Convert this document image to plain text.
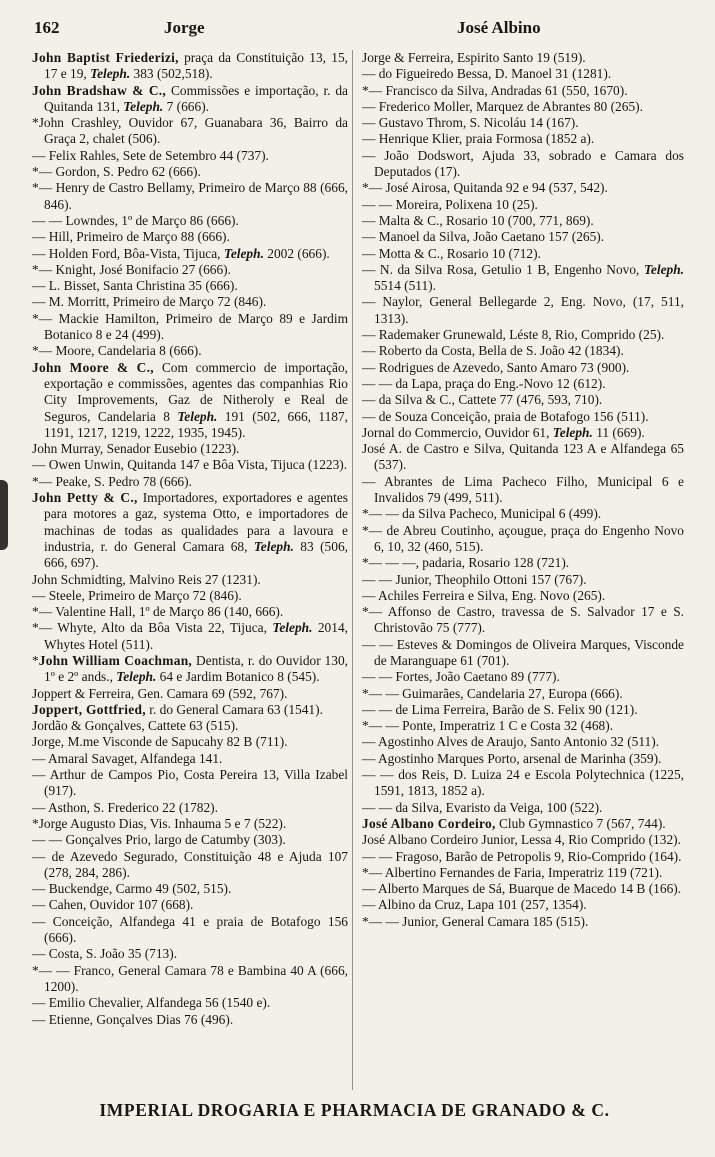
162	Jorge	José Albino

John Baptist Friederizi, praça da Constituição 13, 15, 17 e 19, Teleph. 383 (502,518).

John Bradshaw & C., Commissões e importação, r. da Quitanda 131, Teleph. 7 (666).

*John Crashley, Ouvidor 67, Guanabara 36, Bairro da Graça 2, chalet (506).

— Felix Rahles, Sete de Setembro 44 (737).

*— Gordon, S. Pedro 62 (666).

*— Henry de Castro Bellamy, Primeiro de Março 88 (666, 846).

— — Lowndes, 1º de Março 86 (666).

— Hill, Primeiro de Março 88 (666).

— Holden Ford, Bôa-Vista, Tijuca, Teleph. 2002 (666).

*— Knight, José Bonifacio 27 (666).

— L. Bisset, Santa Christina 35 (666).

— M. Morritt, Primeiro de Março 72 (846).

*— Mackie Hamilton, Primeiro de Março 89 e Jardim Botanico 8 e 24 (499).

*— Moore, Candelaria 8 (666).

John Moore & C., Com commercio de importação, exportação e commissões, agentes das companhias Rio City Improvements, Gaz de Nitheroly e Real de Seguros, Candelaria 8 Teleph. 191 (502, 666, 1187, 1191, 1217, 1219, 1222, 1935, 1945).

John Murray, Senador Eusebio (1223).

— Owen Unwin, Quitanda 147 e Bôa Vista, Tijuca (1223).

*— Peake, S. Pedro 78 (666).

John Petty & C., Importadores, exportadores e agentes para motores a gaz, systema Otto, e importadores de machinas de todas as qualidades para a lavoura e industria, r. do General Camara 68, Teleph. 83 (506, 666, 697).

John Schmidting, Malvino Reis 27 (1231).

— Steele, Primeiro de Março 72 (846).

*— Valentine Hall, 1º de Março 86 (140, 666).

*— Whyte, Alto da Bôa Vista 22, Tijuca, Teleph. 2014, Whytes Hotel (511).

*John William Coachman, Dentista, r. do Ouvidor 130, 1º e 2º ands., Teleph. 64 e Jardim Botanico 8 (545).

Joppert & Ferreira, Gen. Camara 69 (592, 767).

Joppert, Gottfried, r. do General Camara 63 (1541).

Jordão & Gonçalves, Cattete 63 (515).

Jorge, M.me Visconde de Sapucahy 82 B (711).

— Amaral Savaget, Alfandega 141.

— Arthur de Campos Pio, Costa Pereira 13, Villa Izabel (917).

— Asthon, S. Frederico 22 (1782).

*Jorge Augusto Dias, Vis. Inhauma 5 e 7 (522).

— — Gonçalves Prio, largo de Catumby (303).

— de Azevedo Segurado, Constituição 48 e Ajuda 107 (278, 284, 286).

— Buckendge, Carmo 49 (502, 515).

— Cahen, Ouvidor 107 (668).

— Conceição, Alfandega 41 e praia de Botafogo 156 (666).

— Costa, S. João 35 (713).

*— — Franco, General Camara 78 e Bambina 40 A (666, 1200).

— Emilio Chevalier, Alfandega 56 (1540 e).

— Etienne, Gonçalves Dias 76 (496).

Jorge & Ferreira, Espirito Santo 19 (519).

— do Figueiredo Bessa, D. Manoel 31 (1281).

*— Francisco da Silva, Andradas 61 (550, 1670).

— Frederico Moller, Marquez de Abrantes 80 (265).

— Gustavo Throm, S. Nicoláu 14 (167).

— Henrique Klier, praia Formosa (1852 a).

— João Dodswort, Ajuda 33, sobrado e Camara dos Deputados (17).

*— José Airosa, Quitanda 92 e 94 (537, 542).

— — Moreira, Polixena 10 (25).

— Malta & C., Rosario 10 (700, 771, 869).

— Manoel da Silva, João Caetano 157 (265).

— Motta & C., Rosario 10 (712).

— N. da Silva Rosa, Getulio 1 B, Engenho Novo, Teleph. 5514 (511).

— Naylor, General Bellegarde 2, Eng. Novo, (17, 511, 1313).

— Rademaker Grunewald, Léste 8, Rio, Comprido (25).

— Roberto da Costa, Bella de S. João 42 (1834).

— Rodrigues de Azevedo, Santo Amaro 73 (900).

— — da Lapa, praça do Eng.-Novo 12 (612).

— da Silva & C., Cattete 77 (476, 593, 710).

— de Souza Conceição, praia de Botafogo 156 (511).

Jornal do Commercio, Ouvidor 61, Teleph. 11 (669).

José A. de Castro e Silva, Quitanda 123 A e Alfandega 65 (537).

— Abrantes de Lima Pacheco Filho, Municipal 6 e Invalidos 79 (499, 511).

*— — da Silva Pacheco, Municipal 6 (499).

*— de Abreu Coutinho, açougue, praça do Engenho Novo 6, 10, 32 (460, 515).

*— — —, padaria, Rosario 128 (721).

— — Junior, Theophilo Ottoni 157 (767).

— Achiles Ferreira e Silva, Eng. Novo (265).

*— Affonso de Castro, travessa de S. Salvador 17 e S. Christovão 75 (777).

— — Esteves & Domingos de Oliveira Marques, Visconde de Maranguape 61 (701).

— — Fortes, João Caetano 89 (777).

*— — Guimarães, Candelaria 27, Europa (666).

— — de Lima Ferreira, Barão de S. Felix 90 (121).

*— — Ponte, Imperatriz 1 C e Costa 32 (468).

— Agostinho Alves de Araujo, Santo Antonio 32 (511).

— Agostinho Marques Porto, arsenal de Marinha (359).

— — dos Reis, D. Luiza 24 e Escola Polytechnica (1225, 1591, 1813, 1852 a).

— — da Silva, Evaristo da Veiga, 100 (522).

José Albano Cordeiro, Club Gymnastico 7 (567, 744).

José Albano Cordeiro Junior, Lessa 4, Rio Comprido (132).

— — Fragoso, Barão de Petropolis 9, Rio-Comprido (164).

*— Albertino Fernandes de Faria, Imperatriz 119 (721).

— Alberto Marques de Sá, Buarque de Macedo 14 B (166).

— Albino da Cruz, Lapa 101 (257, 1354).

*— — Junior, General Camara 185 (515).

IMPERIAL DROGARIA E PHARMACIA DE GRANADO & C.
